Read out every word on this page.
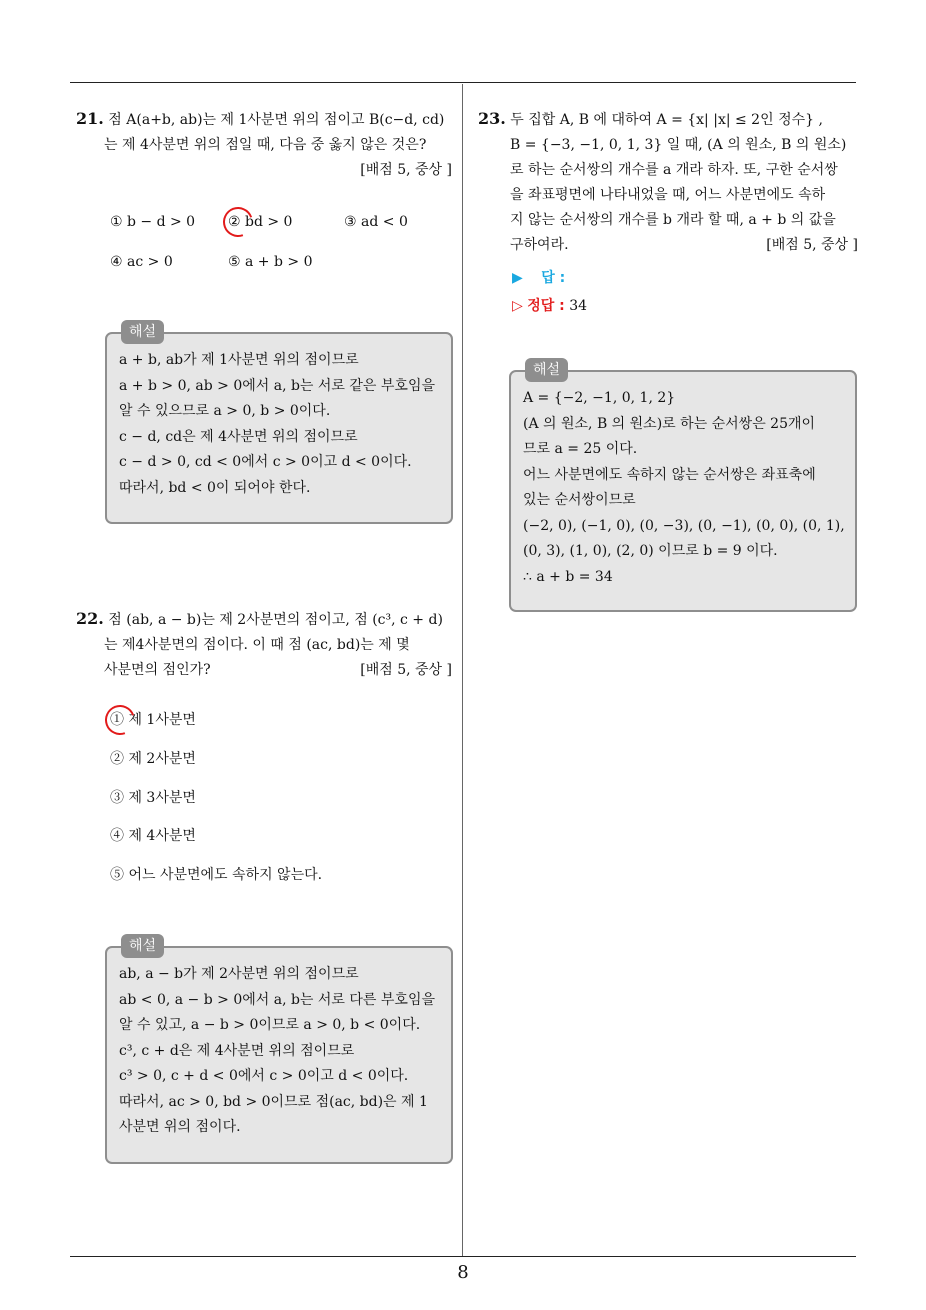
21. 점 A(a+b, ab)는 제 1사분면 위의 점이고 B(c−d, cd)
는 제 4사분면 위의 점일 때, 다음 중 옳지 않은 것은?
[배점 5, 중상 ]
① b − d > 0 ② bd > 0	③ ad < 0
④ ac > 0	⑤ a + b > 0
해설
a + b, ab가 제 1사분면 위의 점이므로
a + b > 0, ab > 0에서 a, b는 서로 같은 부호임을
알 수 있으므로 a > 0, b > 0이다.
c − d, cd은 제 4사분면 위의 점이므로
c − d > 0, cd < 0에서 c > 0이고 d < 0이다.
따라서, bd < 0이 되어야 한다.
22. 점 (ab, a − b)는 제 2사분면의 점이고, 점 (c³, c + d)
는 제4사분면의 점이다. 이 때 점 (ac, bd)는 제 몇
사분면의 점인가?	[배점 5, 중상 ]
① 제 1사분면
② 제 2사분면
③ 제 3사분면
④ 제 4사분면
⑤ 어느 사분면에도 속하지 않는다.
해설
ab, a − b가 제 2사분면 위의 점이므로
ab < 0, a − b > 0에서 a, b는 서로 다른 부호임을
알 수 있고, a − b > 0이므로 a > 0, b < 0이다.
c³, c + d은 제 4사분면 위의 점이므로
c³ > 0, c + d < 0에서 c > 0이고 d < 0이다.
따라서, ac > 0, bd > 0이므로 점(ac, bd)은 제 1
사분면 위의 점이다.
23. 두 집합 A, B 에 대하여 A = {x| |x| ≤ 2인 정수} ,
B = {−3, −1, 0, 1, 3} 일 때, (A 의 원소, B 의 원소)
로 하는 순서쌍의 개수를 a 개라 하자. 또, 구한 순서쌍
을 좌표평면에 나타내었을 때, 어느 사분면에도 속하
지 않는 순서쌍의 개수를 b 개라 할 때, a + b 의 값을
구하여라.	[배점 5, 중상 ]
▶ 답 :
▷ 정답 : 34
해설
A = {−2, −1, 0, 1, 2}
(A 의 원소, B 의 원소)로 하는 순서쌍은 25개이
므로 a = 25 이다.
어느 사분면에도 속하지 않는 순서쌍은 좌표축에
있는 순서쌍이므로
(−2, 0), (−1, 0), (0, −3), (0, −1), (0, 0), (0, 1),
(0, 3), (1, 0), (2, 0) 이므로 b = 9 이다.
∴ a + b = 34
8
